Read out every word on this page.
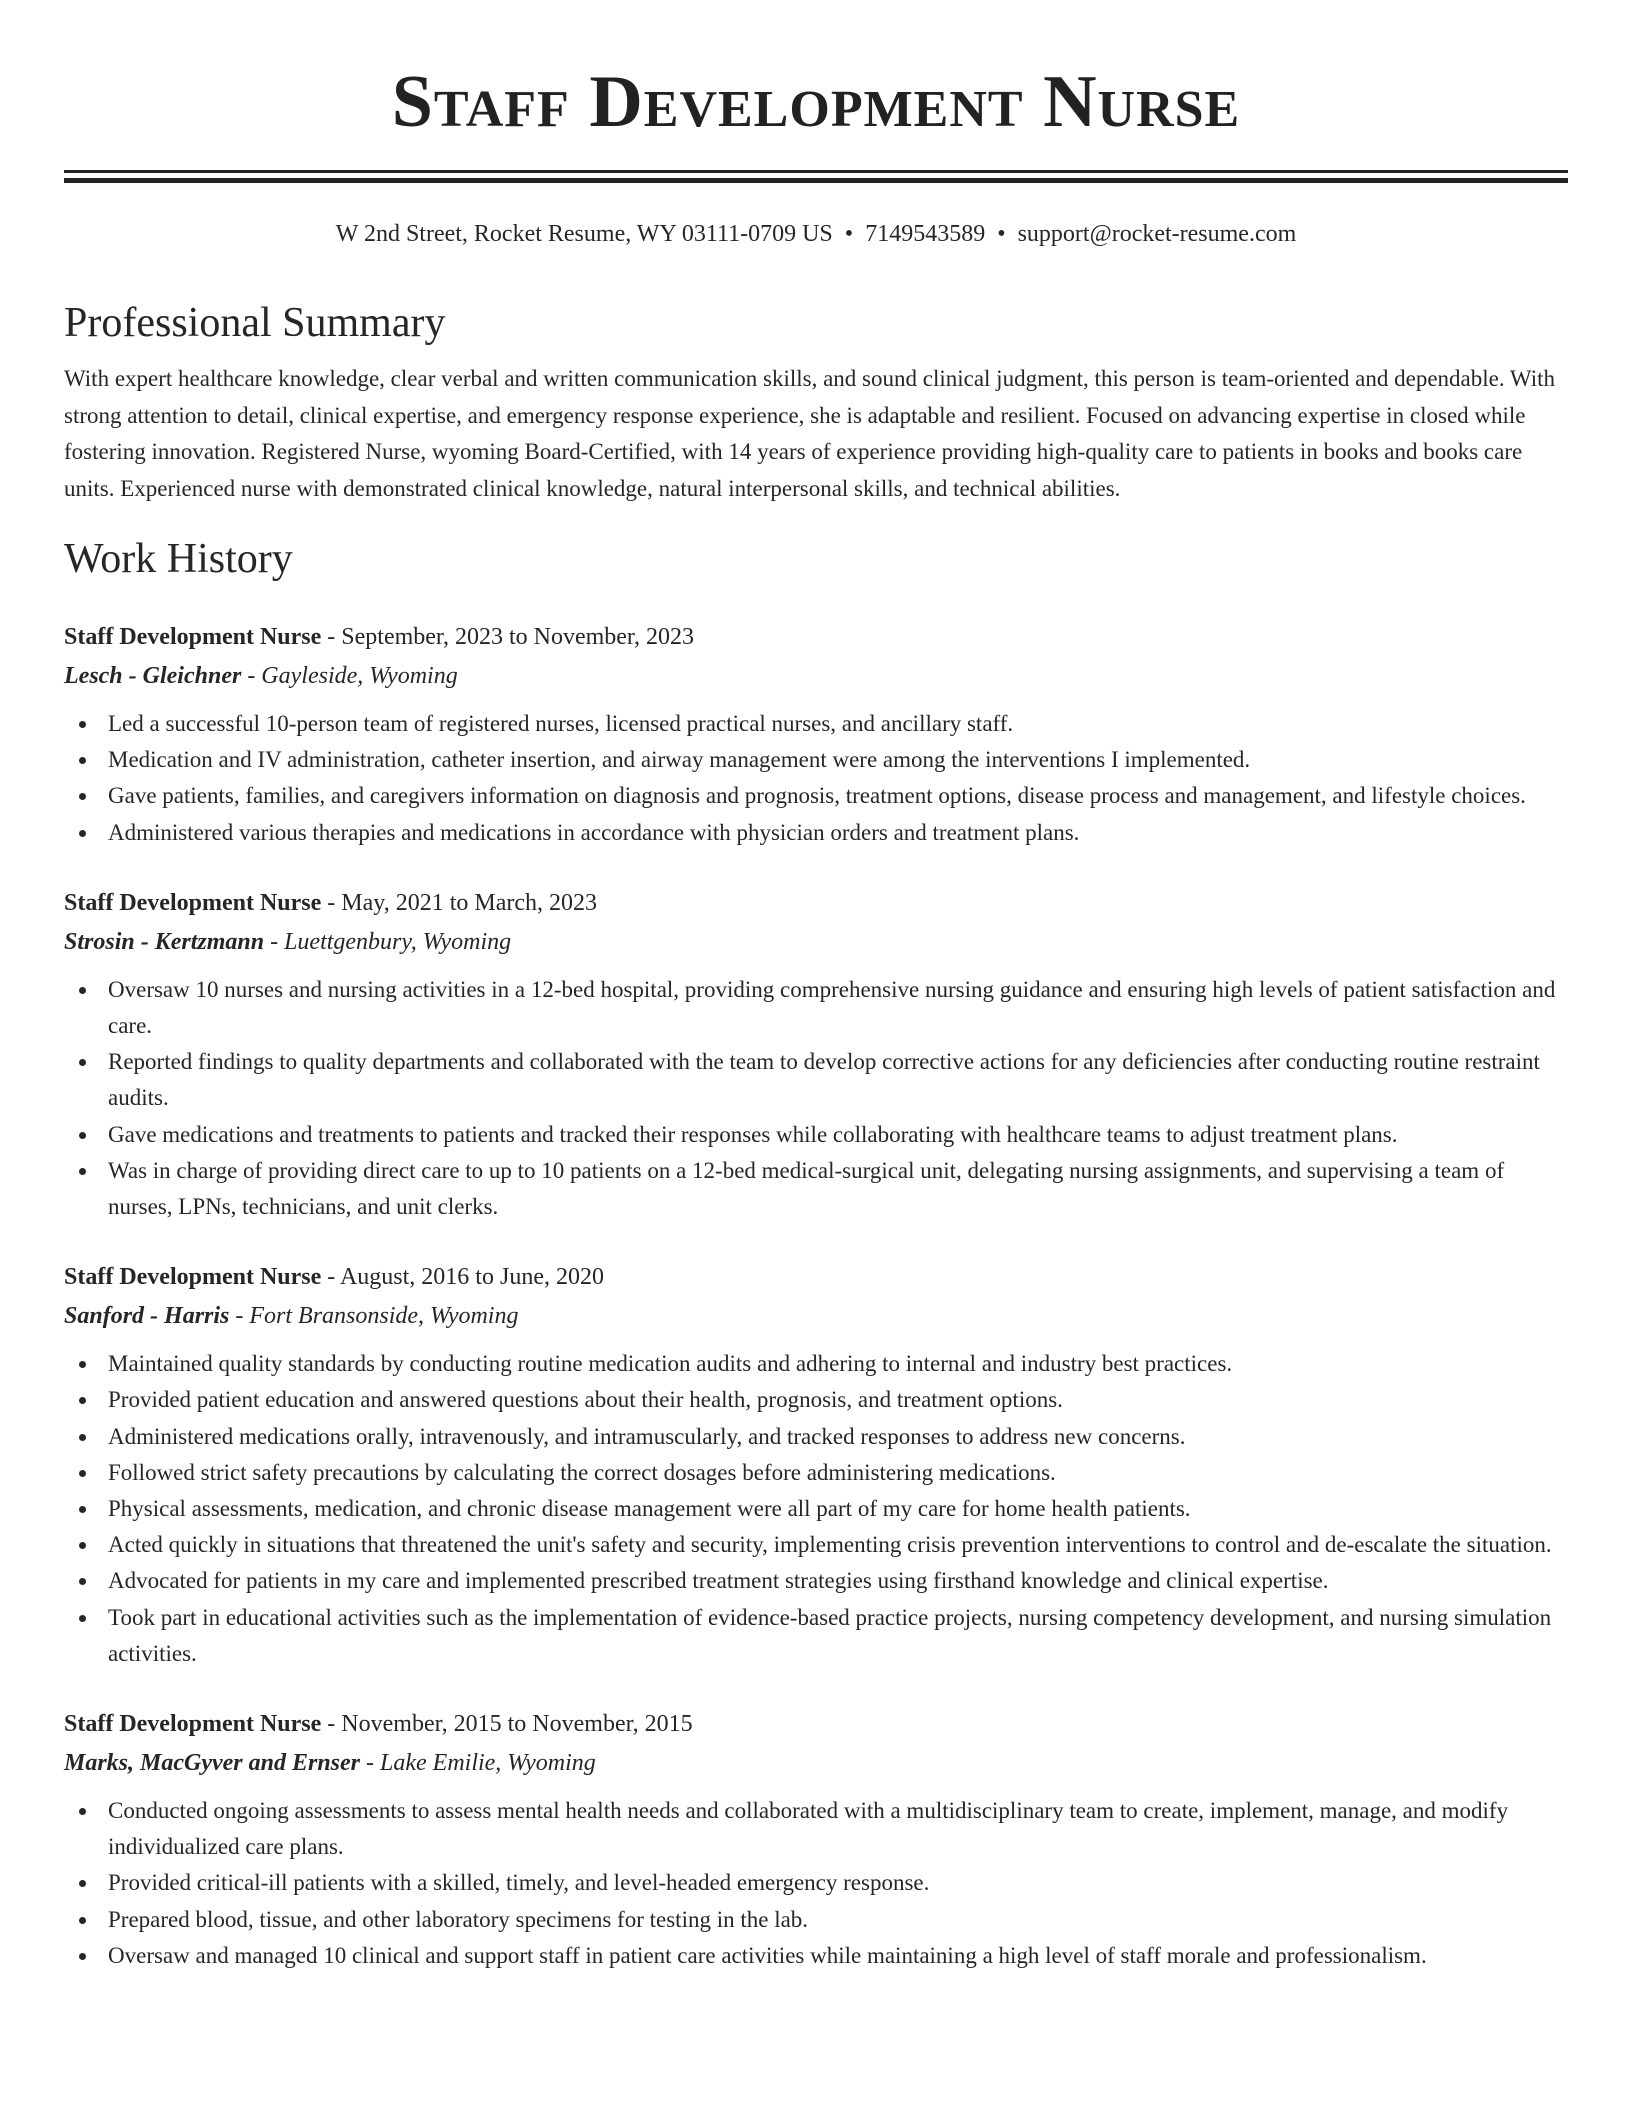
Staff Development Nurse
W 2nd Street, Rocket Resume, WY 03111-0709 US • 7149543589 • support@rocket-resume.com
Professional Summary

With expert healthcare knowledge, clear verbal and written communication skills, and sound clinical judgment, this person is team-oriented and dependable. With strong attention to detail, clinical expertise, and emergency response experience, she is adaptable and resilient. Focused on advancing expertise in closed while fostering innovation. Registered Nurse, wyoming Board-Certified, with 14 years of experience providing high-quality care to patients in books and books care units. Experienced nurse with demonstrated clinical knowledge, natural interpersonal skills, and technical abilities.

Work History
Staff Development Nurse - September, 2023 to November, 2023
Lesch - Gleichner - Gayleside, Wyoming
Led a successful 10-person team of registered nurses, licensed practical nurses, and ancillary staff.
Medication and IV administration, catheter insertion, and airway management were among the interventions I implemented.
Gave patients, families, and caregivers information on diagnosis and prognosis, treatment options, disease process and management, and lifestyle choices.
Administered various therapies and medications in accordance with physician orders and treatment plans.
Staff Development Nurse - May, 2021 to March, 2023
Strosin - Kertzmann - Luettgenbury, Wyoming
Oversaw 10 nurses and nursing activities in a 12-bed hospital, providing comprehensive nursing guidance and ensuring high levels of patient satisfaction and care.
Reported findings to quality departments and collaborated with the team to develop corrective actions for any deficiencies after conducting routine restraint audits.
Gave medications and treatments to patients and tracked their responses while collaborating with healthcare teams to adjust treatment plans.
Was in charge of providing direct care to up to 10 patients on a 12-bed medical-surgical unit, delegating nursing assignments, and supervising a team of nurses, LPNs, technicians, and unit clerks.
Staff Development Nurse - August, 2016 to June, 2020
Sanford - Harris - Fort Bransonside, Wyoming
Maintained quality standards by conducting routine medication audits and adhering to internal and industry best practices.
Provided patient education and answered questions about their health, prognosis, and treatment options.
Administered medications orally, intravenously, and intramuscularly, and tracked responses to address new concerns.
Followed strict safety precautions by calculating the correct dosages before administering medications.
Physical assessments, medication, and chronic disease management were all part of my care for home health patients.
Acted quickly in situations that threatened the unit's safety and security, implementing crisis prevention interventions to control and de-escalate the situation.
Advocated for patients in my care and implemented prescribed treatment strategies using firsthand knowledge and clinical expertise.
Took part in educational activities such as the implementation of evidence-based practice projects, nursing competency development, and nursing simulation activities.
Staff Development Nurse - November, 2015 to November, 2015
Marks, MacGyver and Ernser - Lake Emilie, Wyoming
Conducted ongoing assessments to assess mental health needs and collaborated with a multidisciplinary team to create, implement, manage, and modify individualized care plans.
Provided critical-ill patients with a skilled, timely, and level-headed emergency response.
Prepared blood, tissue, and other laboratory specimens for testing in the lab.
Oversaw and managed 10 clinical and support staff in patient care activities while maintaining a high level of staff morale and professionalism.
